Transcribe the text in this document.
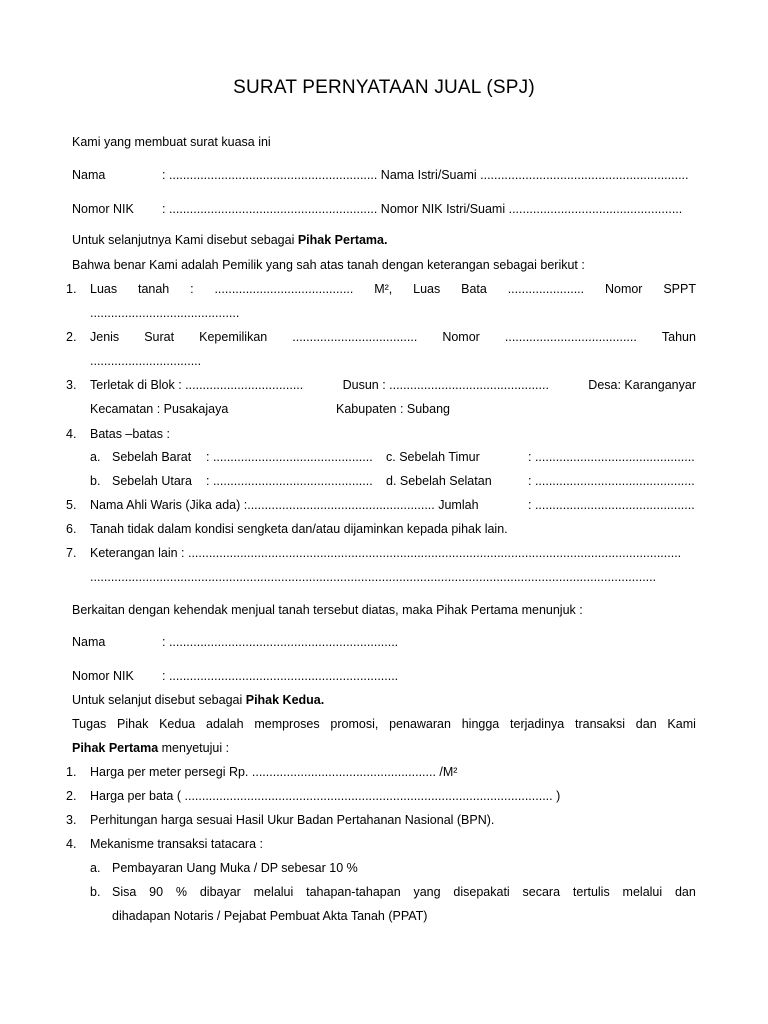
SURAT PERNYATAAN JUAL (SPJ)
Kami yang membuat surat kuasa ini
Nama	: ............................................................ Nama Istri/Suami ............................................................
Nomor NIK : ............................................................ Nomor NIK Istri/Suami ..................................................
Untuk selanjutnya Kami disebut sebagai Pihak Pertama.
Bahwa benar Kami adalah Pemilik yang sah atas tanah dengan keterangan sebagai berikut :
1. Luas tanah : ........................................ M², Luas Bata ...................... Nomor SPPT
...........................................
2. Jenis Surat Kepemilikan .................................... Nomor ...................................... Tahun
................................
3. Terletak di Blok : ..................................	Dusun : ..............................................	Desa: Karanganyar
Kecamatan : Pusakajaya	Kabupaten : Subang
4. Batas –batas :
a. Sebelah Barat : .............................................. c. Sebelah Timur	: ..............................................
b. Sebelah Utara : .............................................. d. Sebelah Selatan	: ..............................................
5. Nama Ahli Waris (Jika ada) :...................................................... Jumlah	: ..............................................
6. Tanah tidak dalam kondisi sengketa dan/atau dijaminkan kepada pihak lain.
7. Keterangan lain : ..............................................................................................................................................
...................................................................................................................................................................
Berkaitan dengan kehendak menjual tanah tersebut diatas, maka Pihak Pertama menunjuk :
Nama	: ..................................................................
Nomor NIK : ..................................................................
Untuk selanjut disebut sebagai Pihak Kedua.
Tugas Pihak Kedua adalah memproses promosi, penawaran hingga terjadinya transaksi dan Kami
Pihak Pertama menyetujui :
1. Harga per meter persegi Rp. ..................................................... /M²
2. Harga per bata ( .......................................................................................................... )
3. Perhitungan harga sesuai Hasil Ukur Badan Pertahanan Nasional (BPN).
4. Mekanisme transaksi tatacara :
a. Pembayaran Uang Muka / DP sebesar 10 %
b. Sisa 90 % dibayar melalui tahapan-tahapan yang disepakati secara tertulis melalui dan
dihadapan Notaris / Pejabat Pembuat Akta Tanah (PPAT)
